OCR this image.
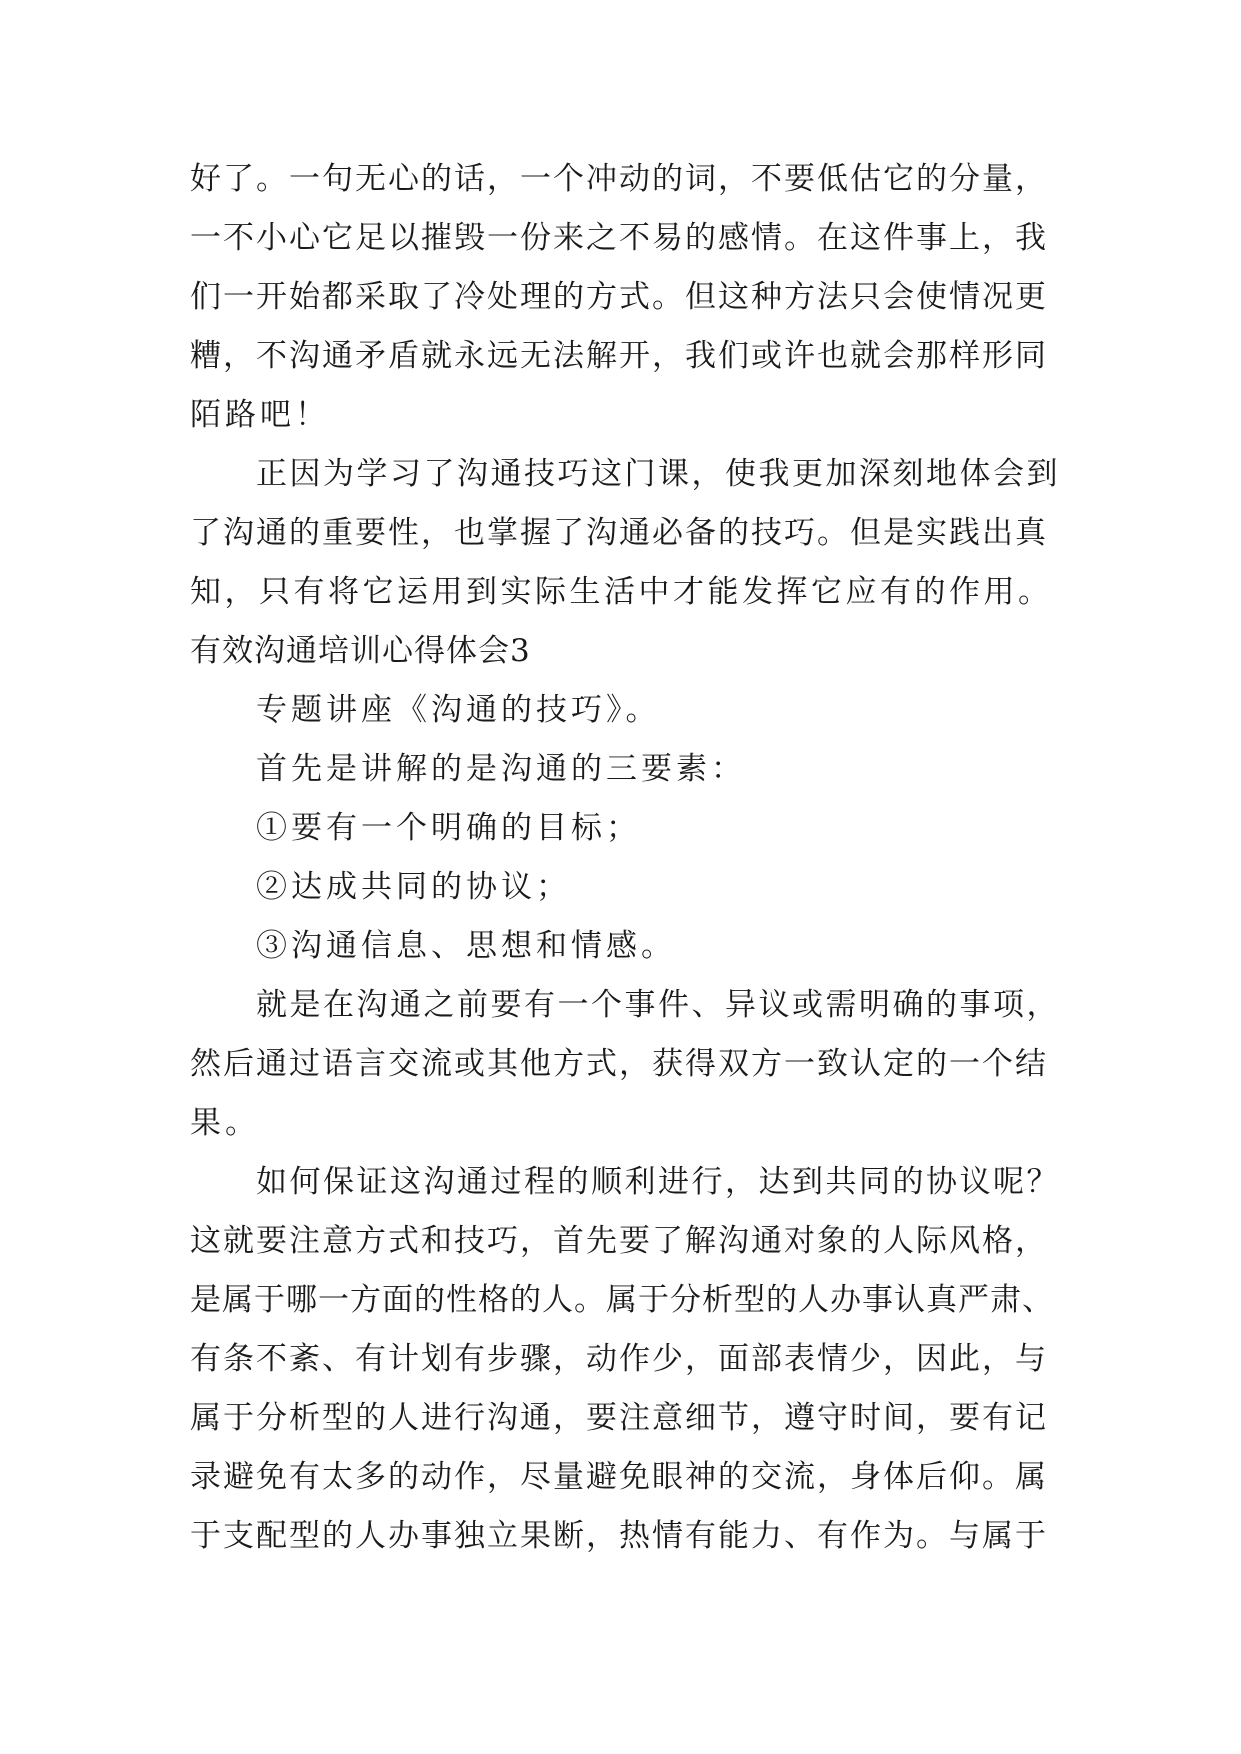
好了。一句无心的话，一个冲动的词，不要低估它的分量，
一不小心它足以摧毁一份来之不易的感情。在这件事上，我
们一开始都采取了冷处理的方式。但这种方法只会使情况更
糟，不沟通矛盾就永远无法解开，我们或许也就会那样形同
陌路吧！
正因为学习了沟通技巧这门课，使我更加深刻地体会到
了沟通的重要性，也掌握了沟通必备的技巧。但是实践出真
知，只有将它运用到实际生活中才能发挥它应有的作用。
有效沟通培训心得体会3
专题讲座《沟通的技巧》。
首先是讲解的是沟通的三要素：
①要有一个明确的目标；
②达成共同的协议；
③沟通信息、思想和情感。
就是在沟通之前要有一个事件、异议或需明确的事项，
然后通过语言交流或其他方式，获得双方一致认定的一个结
果。
如何保证这沟通过程的顺利进行，达到共同的协议呢？
这就要注意方式和技巧，首先要了解沟通对象的人际风格，
是属于哪一方面的性格的人。属于分析型的人办事认真严肃、
有条不紊、有计划有步骤，动作少，面部表情少，因此，与
属于分析型的人进行沟通，要注意细节，遵守时间，要有记
录避免有太多的动作，尽量避免眼神的交流，身体后仰。属
于支配型的人办事独立果断，热情有能力、有作为。与属于
